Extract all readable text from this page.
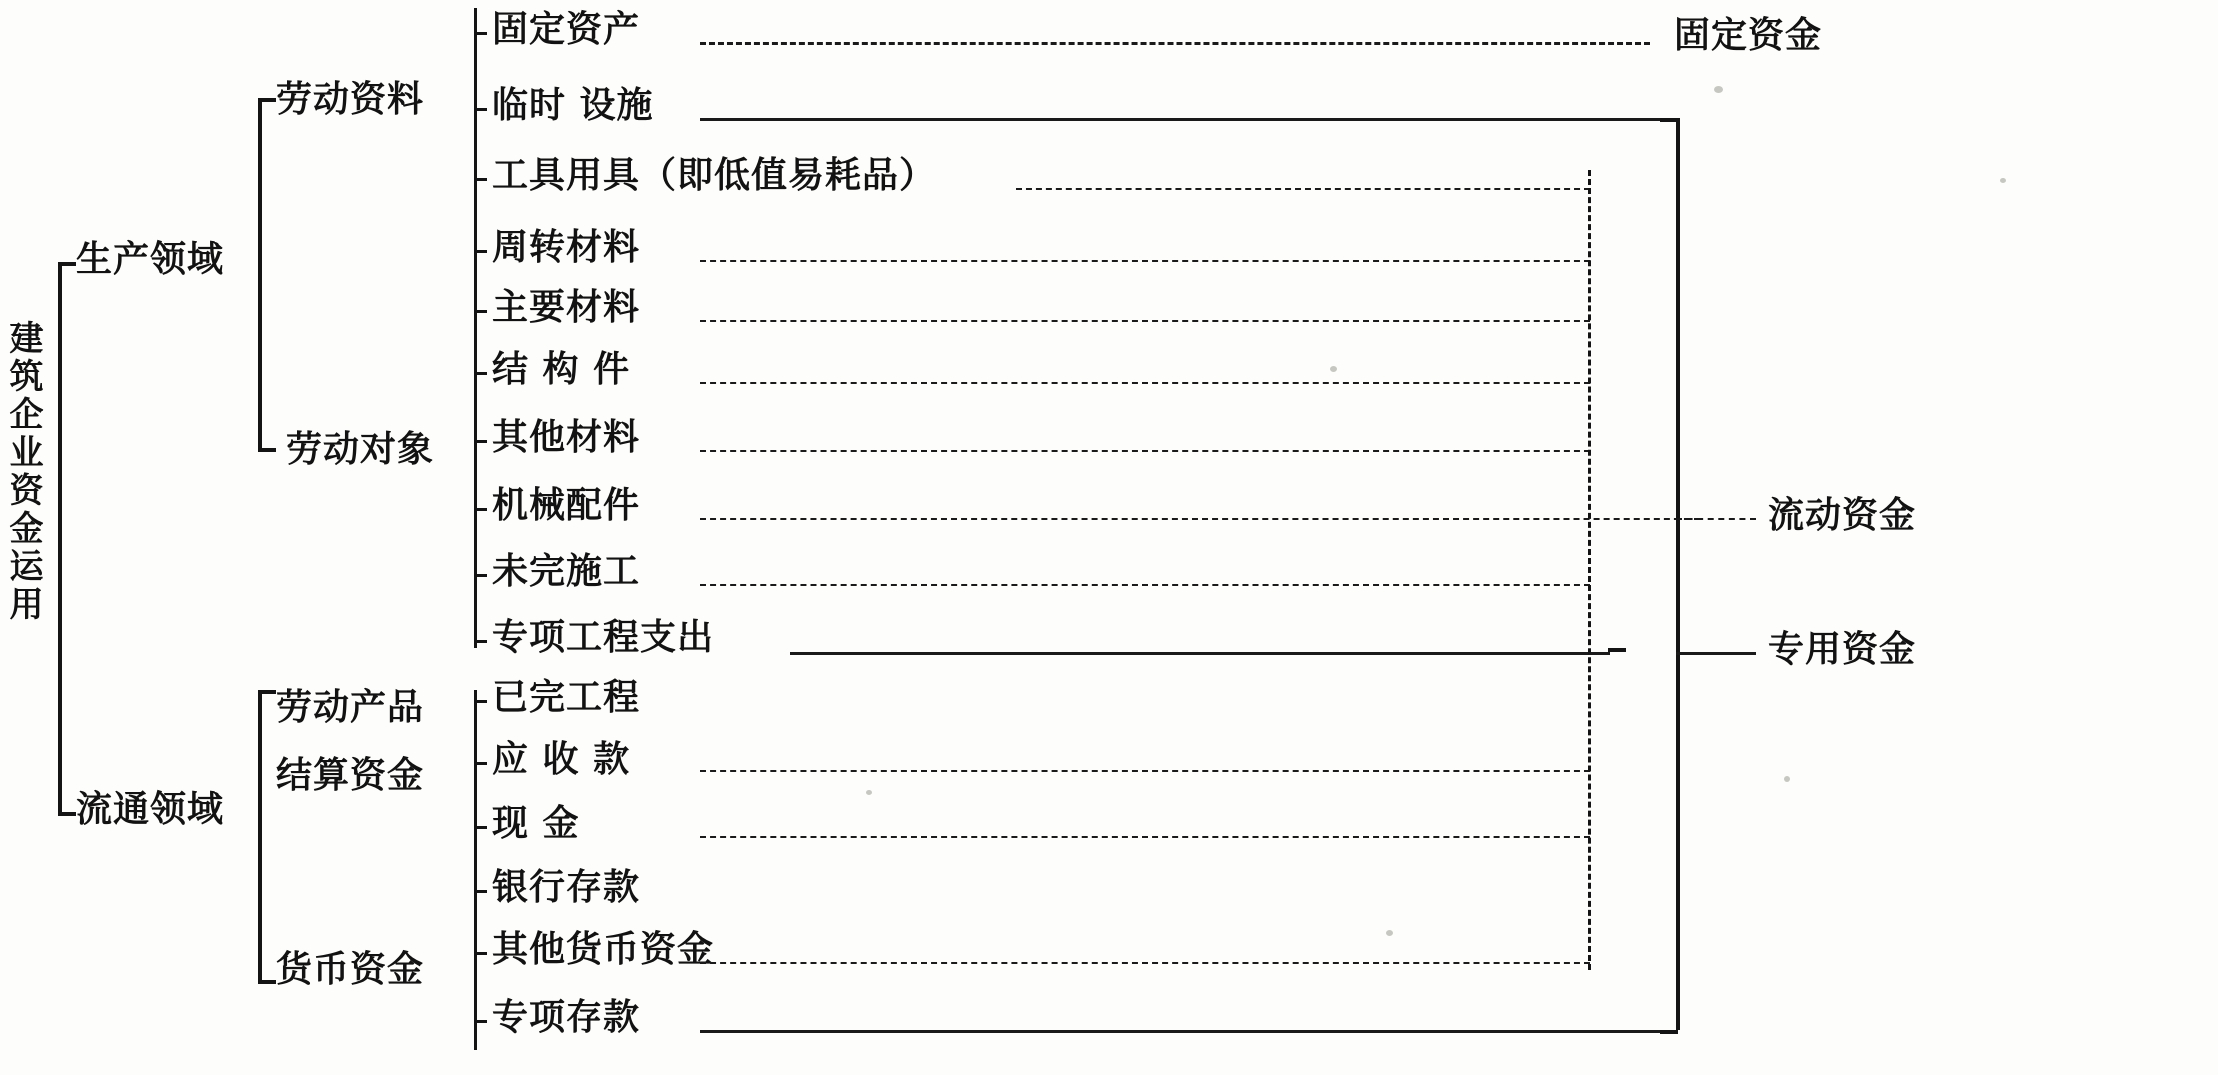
建筑企业资金运用
生产领域
流通领域
劳动资料
劳动对象
劳动产品
结算资金
货币资金
固定资产
临时 设施
工具用具（即低值易耗品）
周转材料
主要材料
结 构 件
其他材料
机械配件
未完施工
专项工程支出
已完工程
应 收 款
现 金
银行存款
其他货币资金
专项存款
固定资金
流动资金
专用资金
